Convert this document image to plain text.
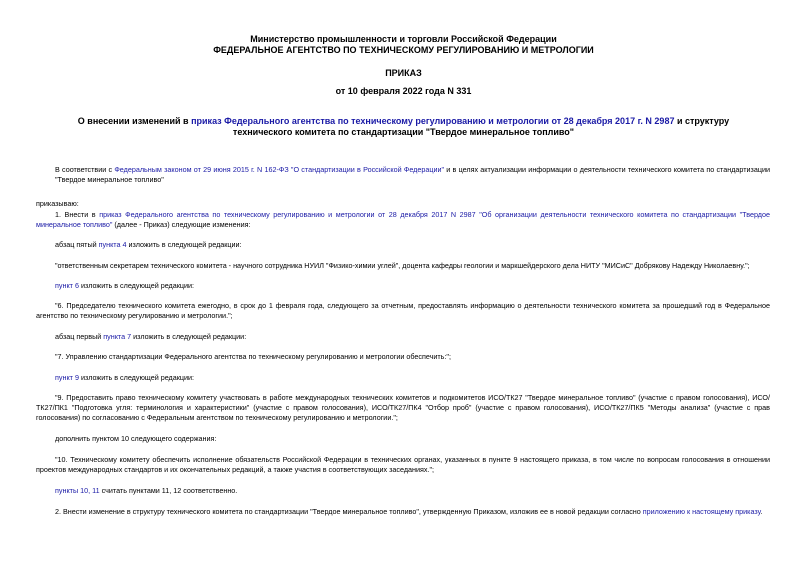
Министерство промышленности и торговли Российской Федерации
ФЕДЕРАЛЬНОЕ АГЕНТСТВО ПО ТЕХНИЧЕСКОМУ РЕГУЛИРОВАНИЮ И МЕТРОЛОГИИ
ПРИКАЗ
от 10 февраля 2022 года N 331
О внесении изменений в приказ Федерального агентства по техническому регулированию и метрологии от 28 декабря 2017 г. N 2987 и структуру технического комитета по стандартизации "Твердое минеральное топливо"
В соответствии с Федеральным законом от 29 июня 2015 г. N 162-ФЗ "О стандартизации в Российской Федерации" и в целях актуализации информации о деятельности технического комитета по стандартизации "Твердое минеральное топливо"
приказываю:
1. Внести в приказ Федерального агентства по техническому регулированию и метрологии от 28 декабря 2017 N 2987 "Об организации деятельности технического комитета по стандартизации "Твердое минеральное топливо" (далее - Приказ) следующие изменения:
абзац пятый пункта 4 изложить в следующей редакции:
"ответственным секретарем технического комитета - научного сотрудника НУИЛ "Физико-химии углей", доцента кафедры геологии и маркшейдерского дела НИТУ "МИСиС" Добрякову Надежду Николаевну.";
пункт 6 изложить в следующей редакции:
"6. Председателю технического комитета ежегодно, в срок до 1 февраля года, следующего за отчетным, предоставлять информацию о деятельности технического комитета за прошедший год в Федеральное агентство по техническому регулированию и метрологии.";
абзац первый пункта 7 изложить в следующей редакции:
"7. Управлению стандартизации Федерального агентства по техническому регулированию и метрологии обеспечить:";
пункт 9 изложить в следующей редакции:
"9. Предоставить право техническому комитету участвовать в работе международных технических комитетов и подкомитетов ИСО/ТК27 "Твердое минеральное топливо" (участие с правом голосования), ИСО/ТК27/ПК1 "Подготовка угля: терминология и характеристики" (участие с правом голосования), ИСО/ТК27/ПК4 "Отбор проб" (участие с правом голосования), ИСО/ТК27/ПК5 "Методы анализа" (участие с прав голосования) по согласованию с Федеральным агентством по техническому регулированию и метрологии.";
дополнить пунктом 10 следующего содержания:
"10. Техническому комитету обеспечить исполнение обязательств Российской Федерации в технических органах, указанных в пункте 9 настоящего приказа, в том числе по вопросам голосования в отношении проектов международных стандартов и их окончательных редакций, а также участия в соответствующих заседаниях.";
пункты 10, 11 считать пунктами 11, 12 соответственно.
2. Внести изменение в структуру технического комитета по стандартизации "Твердое минеральное топливо", утвержденную Приказом, изложив ее в новой редакции согласно приложению к настоящему приказу.
